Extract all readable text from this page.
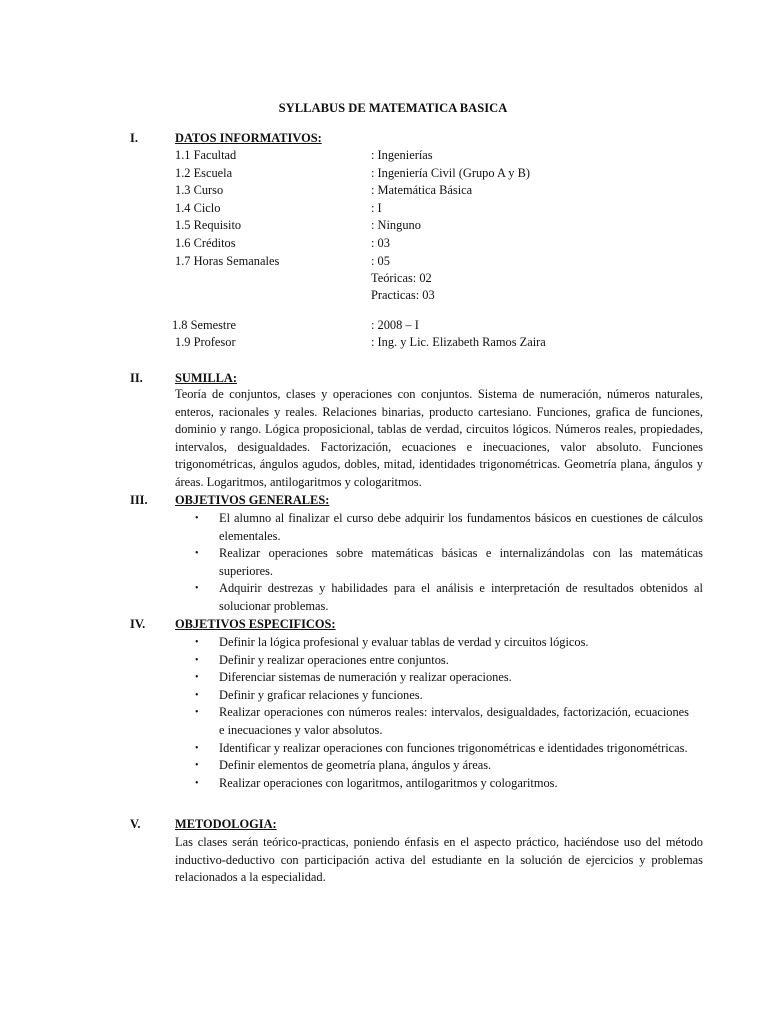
SYLLABUS DE MATEMATICA BASICA
I.	DATOS INFORMATIVOS:
1.1 Facultad	: Ingenierías
1.2 Escuela	: Ingeniería Civil (Grupo A y B)
1.3 Curso	: Matemática Básica
1.4 Ciclo	: I
1.5 Requisito	: Ninguno
1.6 Créditos	: 03
1.7 Horas Semanales	: 05
Teóricas: 02
Practicas: 03
1.8 Semestre	: 2008 – I
1.9 Profesor	: Ing. y Lic. Elizabeth Ramos Zaira
II.	SUMILLA:
Teoría de conjuntos, clases y operaciones con conjuntos. Sistema de numeración, números naturales, enteros, racionales y reales. Relaciones binarias, producto cartesiano. Funciones, grafica de funciones, dominio y rango. Lógica proposicional, tablas de verdad, circuitos lógicos. Números reales, propiedades, intervalos, desigualdades. Factorización, ecuaciones e inecuaciones, valor absoluto. Funciones trigonométricas, ángulos agudos, dobles, mitad, identidades trigonométricas. Geometría plana, ángulos y áreas. Logaritmos, antilogaritmos y cologaritmos.
III. OBJETIVOS GENERALES:
• El alumno al finalizar el curso debe adquirir los fundamentos básicos en cuestiones de cálculos elementales.
• Realizar operaciones sobre matemáticas básicas e internalizándolas con las matemáticas superiores.
• Adquirir destrezas y habilidades para el análisis e interpretación de resultados obtenidos al solucionar problemas.
IV. OBJETIVOS ESPECIFICOS:
• Definir la lógica profesional y evaluar tablas de verdad y circuitos lógicos.
• Definir y realizar operaciones entre conjuntos.
• Diferenciar sistemas de numeración y realizar operaciones.
• Definir y graficar relaciones y funciones.
• Realizar operaciones con números reales: intervalos, desigualdades, factorización, ecuaciones e inecuaciones y valor absolutos.
• Identificar y realizar operaciones con funciones trigonométricas e identidades trigonométricas.
• Definir elementos de geometría plana, ángulos y áreas.
• Realizar operaciones con logaritmos, antilogaritmos y cologaritmos.
V.	METODOLOGIA:
Las clases serán teórico-practicas, poniendo énfasis en el aspecto práctico, haciéndose uso del método inductivo-deductivo con participación activa del estudiante en la solución de ejercicios y problemas relacionados a la especialidad.
